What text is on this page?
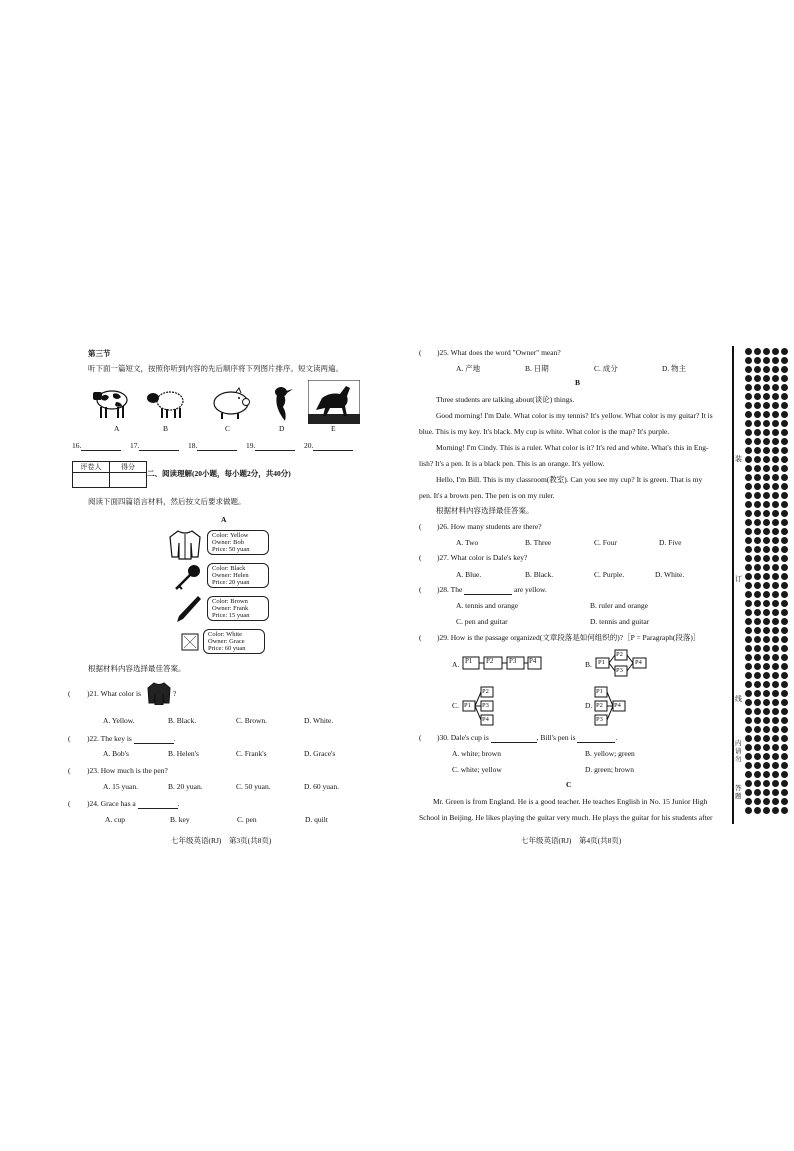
第三节
听下面一篇短文，按照你听到内容的先后顺序将下列图片排序。短文读两遍。
A	B	C	D	E
16.	17.	18.	19.	20.
评卷人	得分

二、阅读理解(20小题，每小题2分，共40分)
阅读下面四篇语言材料，然后按文后要求做题。
A
Color: Yellow
Owner: Bob
Price: 50 yuan
Color: Black
Owner: Helen
Price: 20 yuan
Color: Brown
Owner: Frank
Price: 15 yuan
Color: White
Owner: Grace
Price: 60 yuan
根据材料内容选择最佳答案。
( )21. What color is	?
A. Yellow.	B. Black.	C. Brown.	D. White.
( )22. The key is	.
A. Bob's	B. Helen's	C. Frank's	D. Grace's
( )23. How much is the pen?
A. 15 yuan.	B. 20 yuan.	C. 50 yuan.	D. 60 yuan.
( )24. Grace has a	.
A. cup	B. key	C. pen	D. quilt
七年级英语(RJ)　第3页(共8页)
( )25. What does the word "Owner" mean?
A. 产地	B. 日期	C. 成分	D. 物主
B
Three students are talking about(谈论) things.
Good morning! I'm Dale. What color is my tennis? It's yellow. What color is my guitar? It is
blue. This is my key. It's black. My cup is white. What color is the map? It's purple.
Morning! I'm Cindy. This is a ruler. What color is it? It's red and white. What's this in Eng-
lish? It's a pen. It is a black pen. This is an orange. It's yellow.
Hello, I'm Bill. This is my classroom(教室). Can you see my cup? It is green. That is my
pen. It's a brown pen. The pen is on my ruler.
根据材料内容选择最佳答案。
( )26. How many students are there?
A. Two	B. Three	C. Four	D. Five
( )27. What color is Dale's key?
A. Blue.	B. Black.	C. Purple.	D. White.
( )28. The	are yellow.
A. tennis and orange	B. ruler and orange
C. pen and guitar	D. tennis and guitar
( )29. How is the passage organized(文章段落是如何组织的)?［P = Paragraph(段落)］
A. P1 P2 P3 P4	B. P1
P2
P3
P4
C. P1
P2
P3
P4
D.
P1
P2
P3
P4
( )30. Dale's cup is	, Bill's pen is	.
A. white; brown	B. yellow; green
C. white; yellow	D. green; brown
C
Mr. Green is from England. He is a good teacher. He teaches English in No. 15 Junior High
School in Beijing. He likes playing the guitar very much. He plays the guitar for his students after
七年级英语(RJ)　第4页(共8页)
装
订
线
内请勿
答题
